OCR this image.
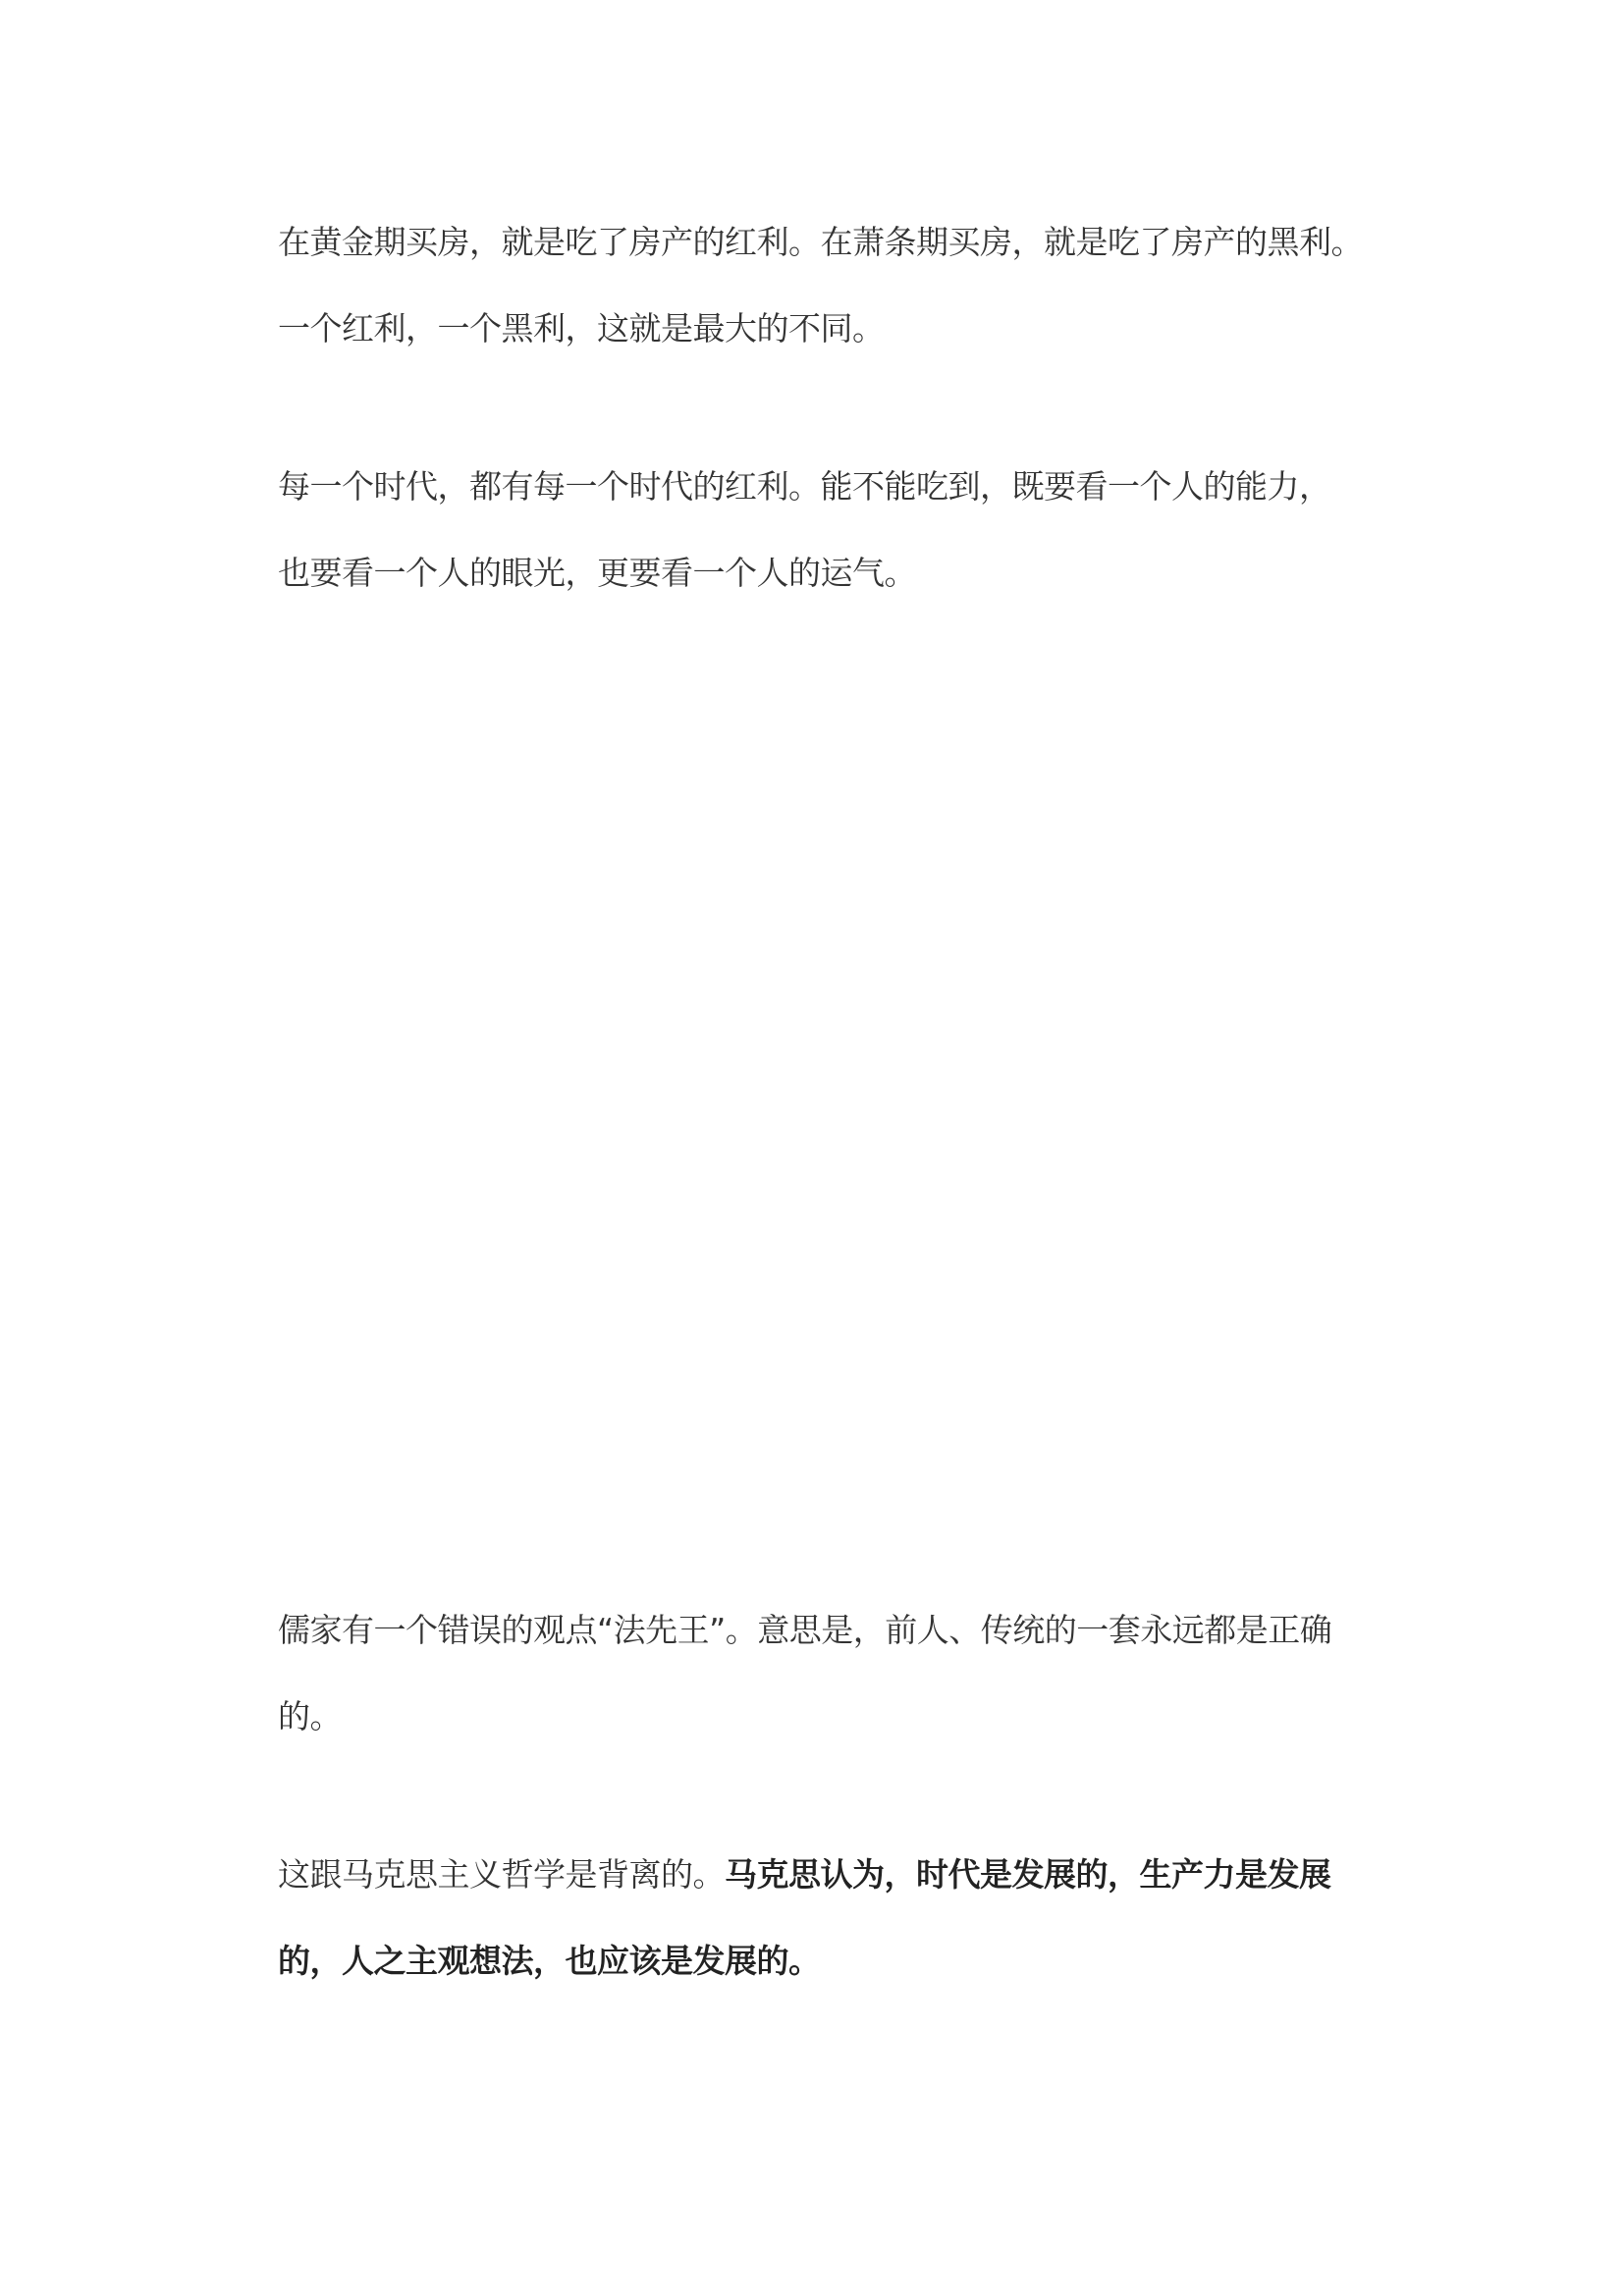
在黄金期买房，就是吃了房产的红利。在萧条期买房，就是吃了房产的黑利。
一个红利，一个黑利，这就是最大的不同。

每一个时代，都有每一个时代的红利。能不能吃到，既要看一个人的能力，
也要看一个人的眼光，更要看一个人的运气。

儒家有一个错误的观点“法先王”。意思是，前人、传统的一套永远都是正确
的。

这跟马克思主义哲学是背离的。马克思认为，时代是发展的，生产力是发展
的，人之主观想法，也应该是发展的。
